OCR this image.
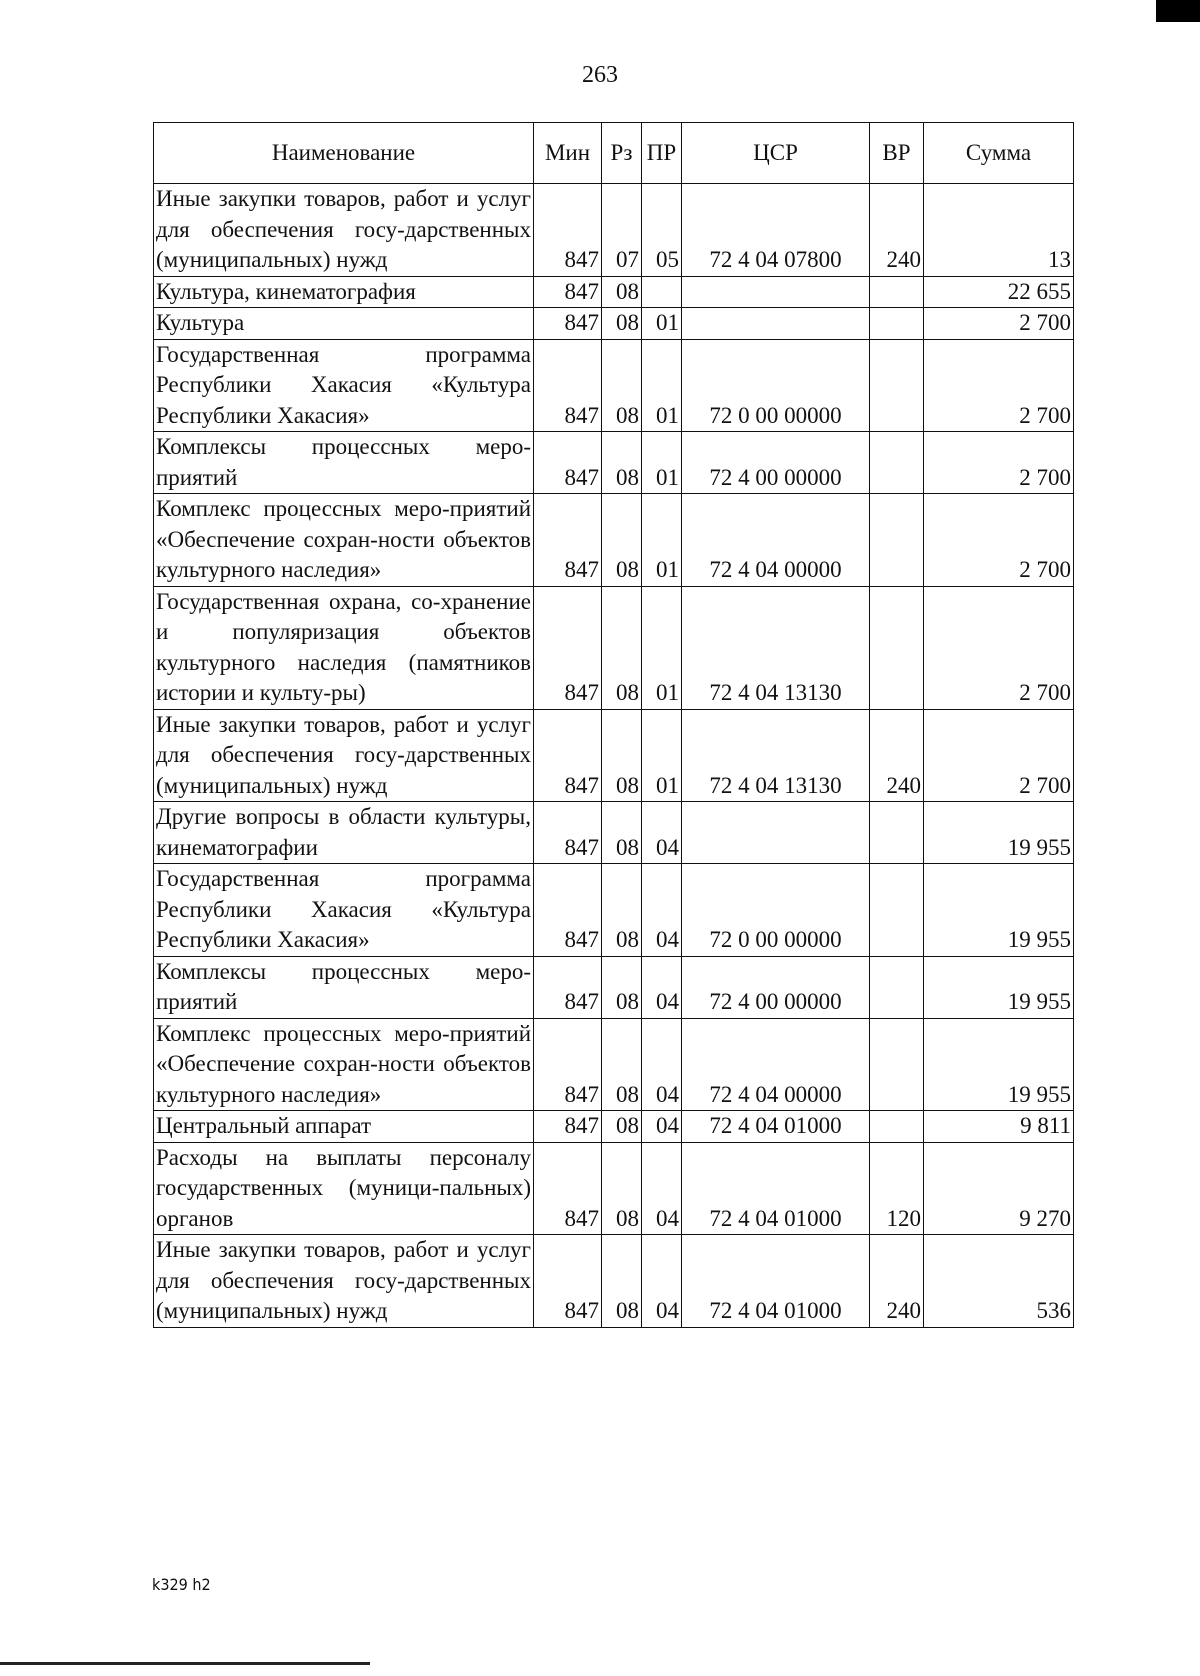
263
Наименование	Мин	Рз	ПР	ЦСР	ВР	Сумма
Иные закупки товаров, работ и услуг для обеспечения госу-дарственных (муниципальных) нужд	847	07	05	72 4 04 07800	240	13
Культура, кинематография	847	08				22 655
Культура	847	08	01			2 700
Государственная программа Республики Хакасия «Культура Республики Хакасия»	847	08	01	72 0 00 00000		2 700
Комплексы процессных меро-приятий	847	08	01	72 4 00 00000		2 700
Комплекс процессных меро-приятий «Обеспечение сохран-ности объектов культурного наследия»	847	08	01	72 4 04 00000		2 700
Государственная охрана, со-хранение и популяризация объектов культурного наследия (памятников истории и культу-ры)	847	08	01	72 4 04 13130		2 700
Иные закупки товаров, работ и услуг для обеспечения госу-дарственных (муниципальных) нужд	847	08	01	72 4 04 13130	240	2 700
Другие вопросы в области культуры, кинематографии	847	08	04			19 955
Государственная программа Республики Хакасия «Культура Республики Хакасия»	847	08	04	72 0 00 00000		19 955
Комплексы процессных меро-приятий	847	08	04	72 4 00 00000		19 955
Комплекс процессных меро-приятий «Обеспечение сохран-ности объектов культурного наследия»	847	08	04	72 4 04 00000		19 955
Центральный аппарат	847	08	04	72 4 04 01000		9 811
Расходы на выплаты персоналу государственных (муници-пальных) органов	847	08	04	72 4 04 01000	120	9 270
Иные закупки товаров, работ и услуг для обеспечения госу-дарственных (муниципальных) нужд	847	08	04	72 4 04 01000	240	536
k329 h2
